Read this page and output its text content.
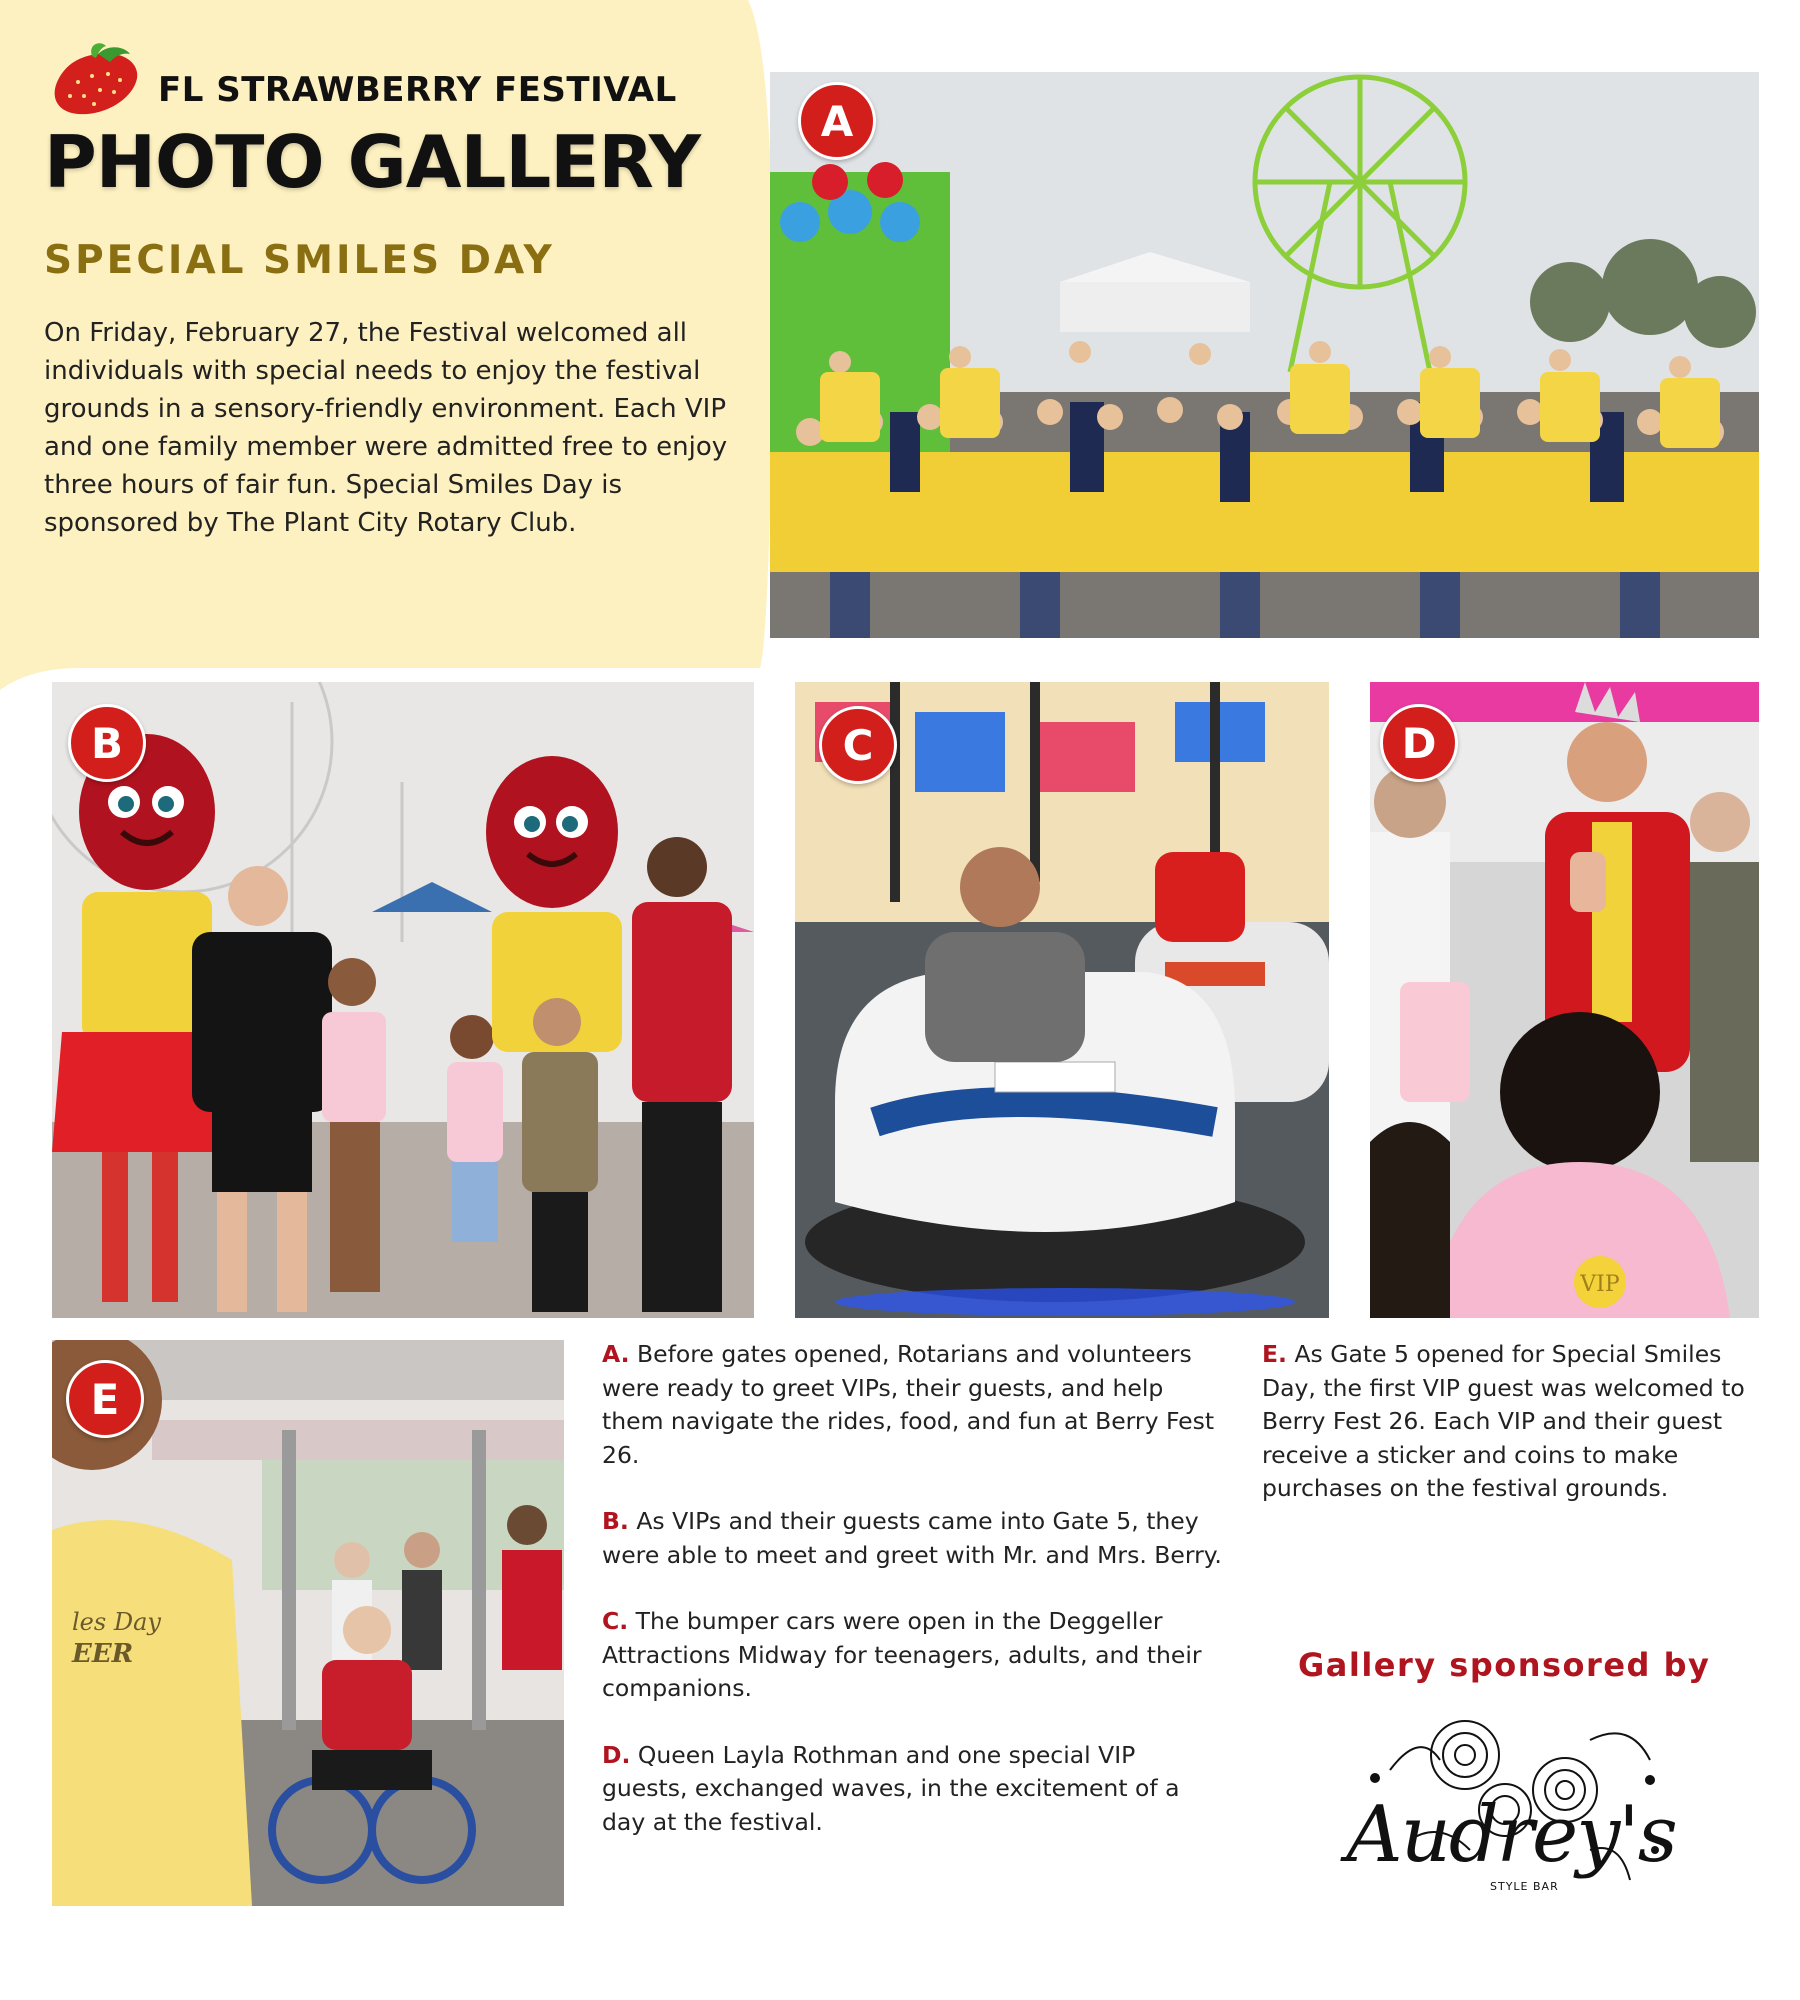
FL STRAWBERRY FESTIVAL
PHOTO GALLERY
SPECIAL SMILES DAY
On Friday, February 27, the Festival welcomed all individuals with special needs to enjoy the festival grounds in a sensory-friendly environment. Each VIP and one family member were admitted free to enjoy three hours of fair fun. Special Smiles Day is sponsored by The Plant City Rotary Club.
A
B	C
VIP
D
les Day
EER
E

A. Before gates opened, Rotarians and volunteers were ready to greet VIPs, their guests, and help them navigate the rides, food, and fun at Berry Fest 26.

B. As VIPs and their guests came into Gate 5, they were able to meet and greet with Mr. and Mrs. Berry.

C. The bumper cars were open in the Deggeller Attractions Midway for teenagers, adults, and their companions.

D. Queen Layla Rothman and one special VIP guests, exchanged waves, in the excitement of a day at the festival.

E. As Gate 5 opened for Special Smiles Day, the first VIP guest was welcomed to Berry Fest 26. Each VIP and their guest receive a sticker and coins to make purchases on the festival grounds.

Gallery sponsored by
Audrey's
STYLE BAR
